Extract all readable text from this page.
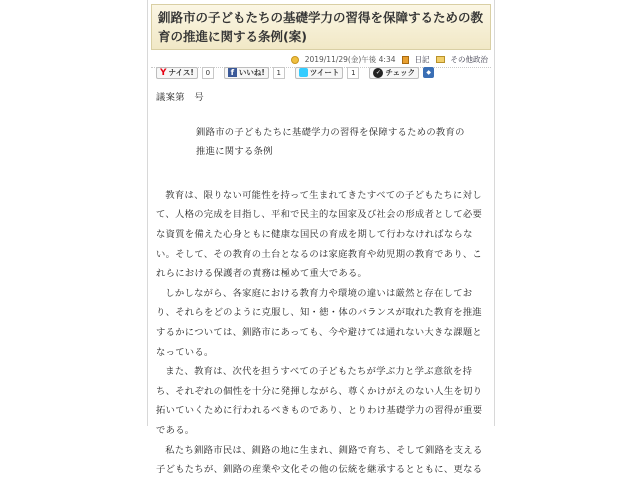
釧路市の子どもたちの基礎学力の習得を保障するための教育の推進に関する条例(案)
2019/11/29(金)午後 4:34	日記	その他政治
Y ナイス!	0	f いいね!	1	ツイート	1	✓ チェック	◆

議案第　号

釧路市の子どもたちに基礎学力の習得を保障するための教育の推進に関する条例

教育は、限りない可能性を持って生まれてきたすべての子どもたちに対して、人格の完成を目指し、平和で民主的な国家及び社会の形成者として必要な資質を備えた心身ともに健康な国民の育成を期して行わなければならない。そして、その教育の土台となるのは家庭教育や幼児期の教育であり、これらにおける保護者の責務は極めて重大である。

しかしながら、各家庭における教育力や環境の違いは厳然と存在しており、それらをどのように克服し、知・徳・体のバランスが取れた教育を推進するかについては、釧路市にあっても、今や避けては通れない大きな課題となっている。

また、教育は、次代を担うすべての子どもたちが学ぶ力と学ぶ意欲を持ち、それぞれの個性を十分に発揮しながら、尊くかけがえのない人生を切り拓いていくために行われるべきものであり、とりわけ基礎学力の習得が重要である。

私たち釧路市民は、釧路の地に生まれ、釧路で育ち、そして釧路を支える子どもたちが、釧路の産業や文化その他の伝統を継承するとともに、更なる
